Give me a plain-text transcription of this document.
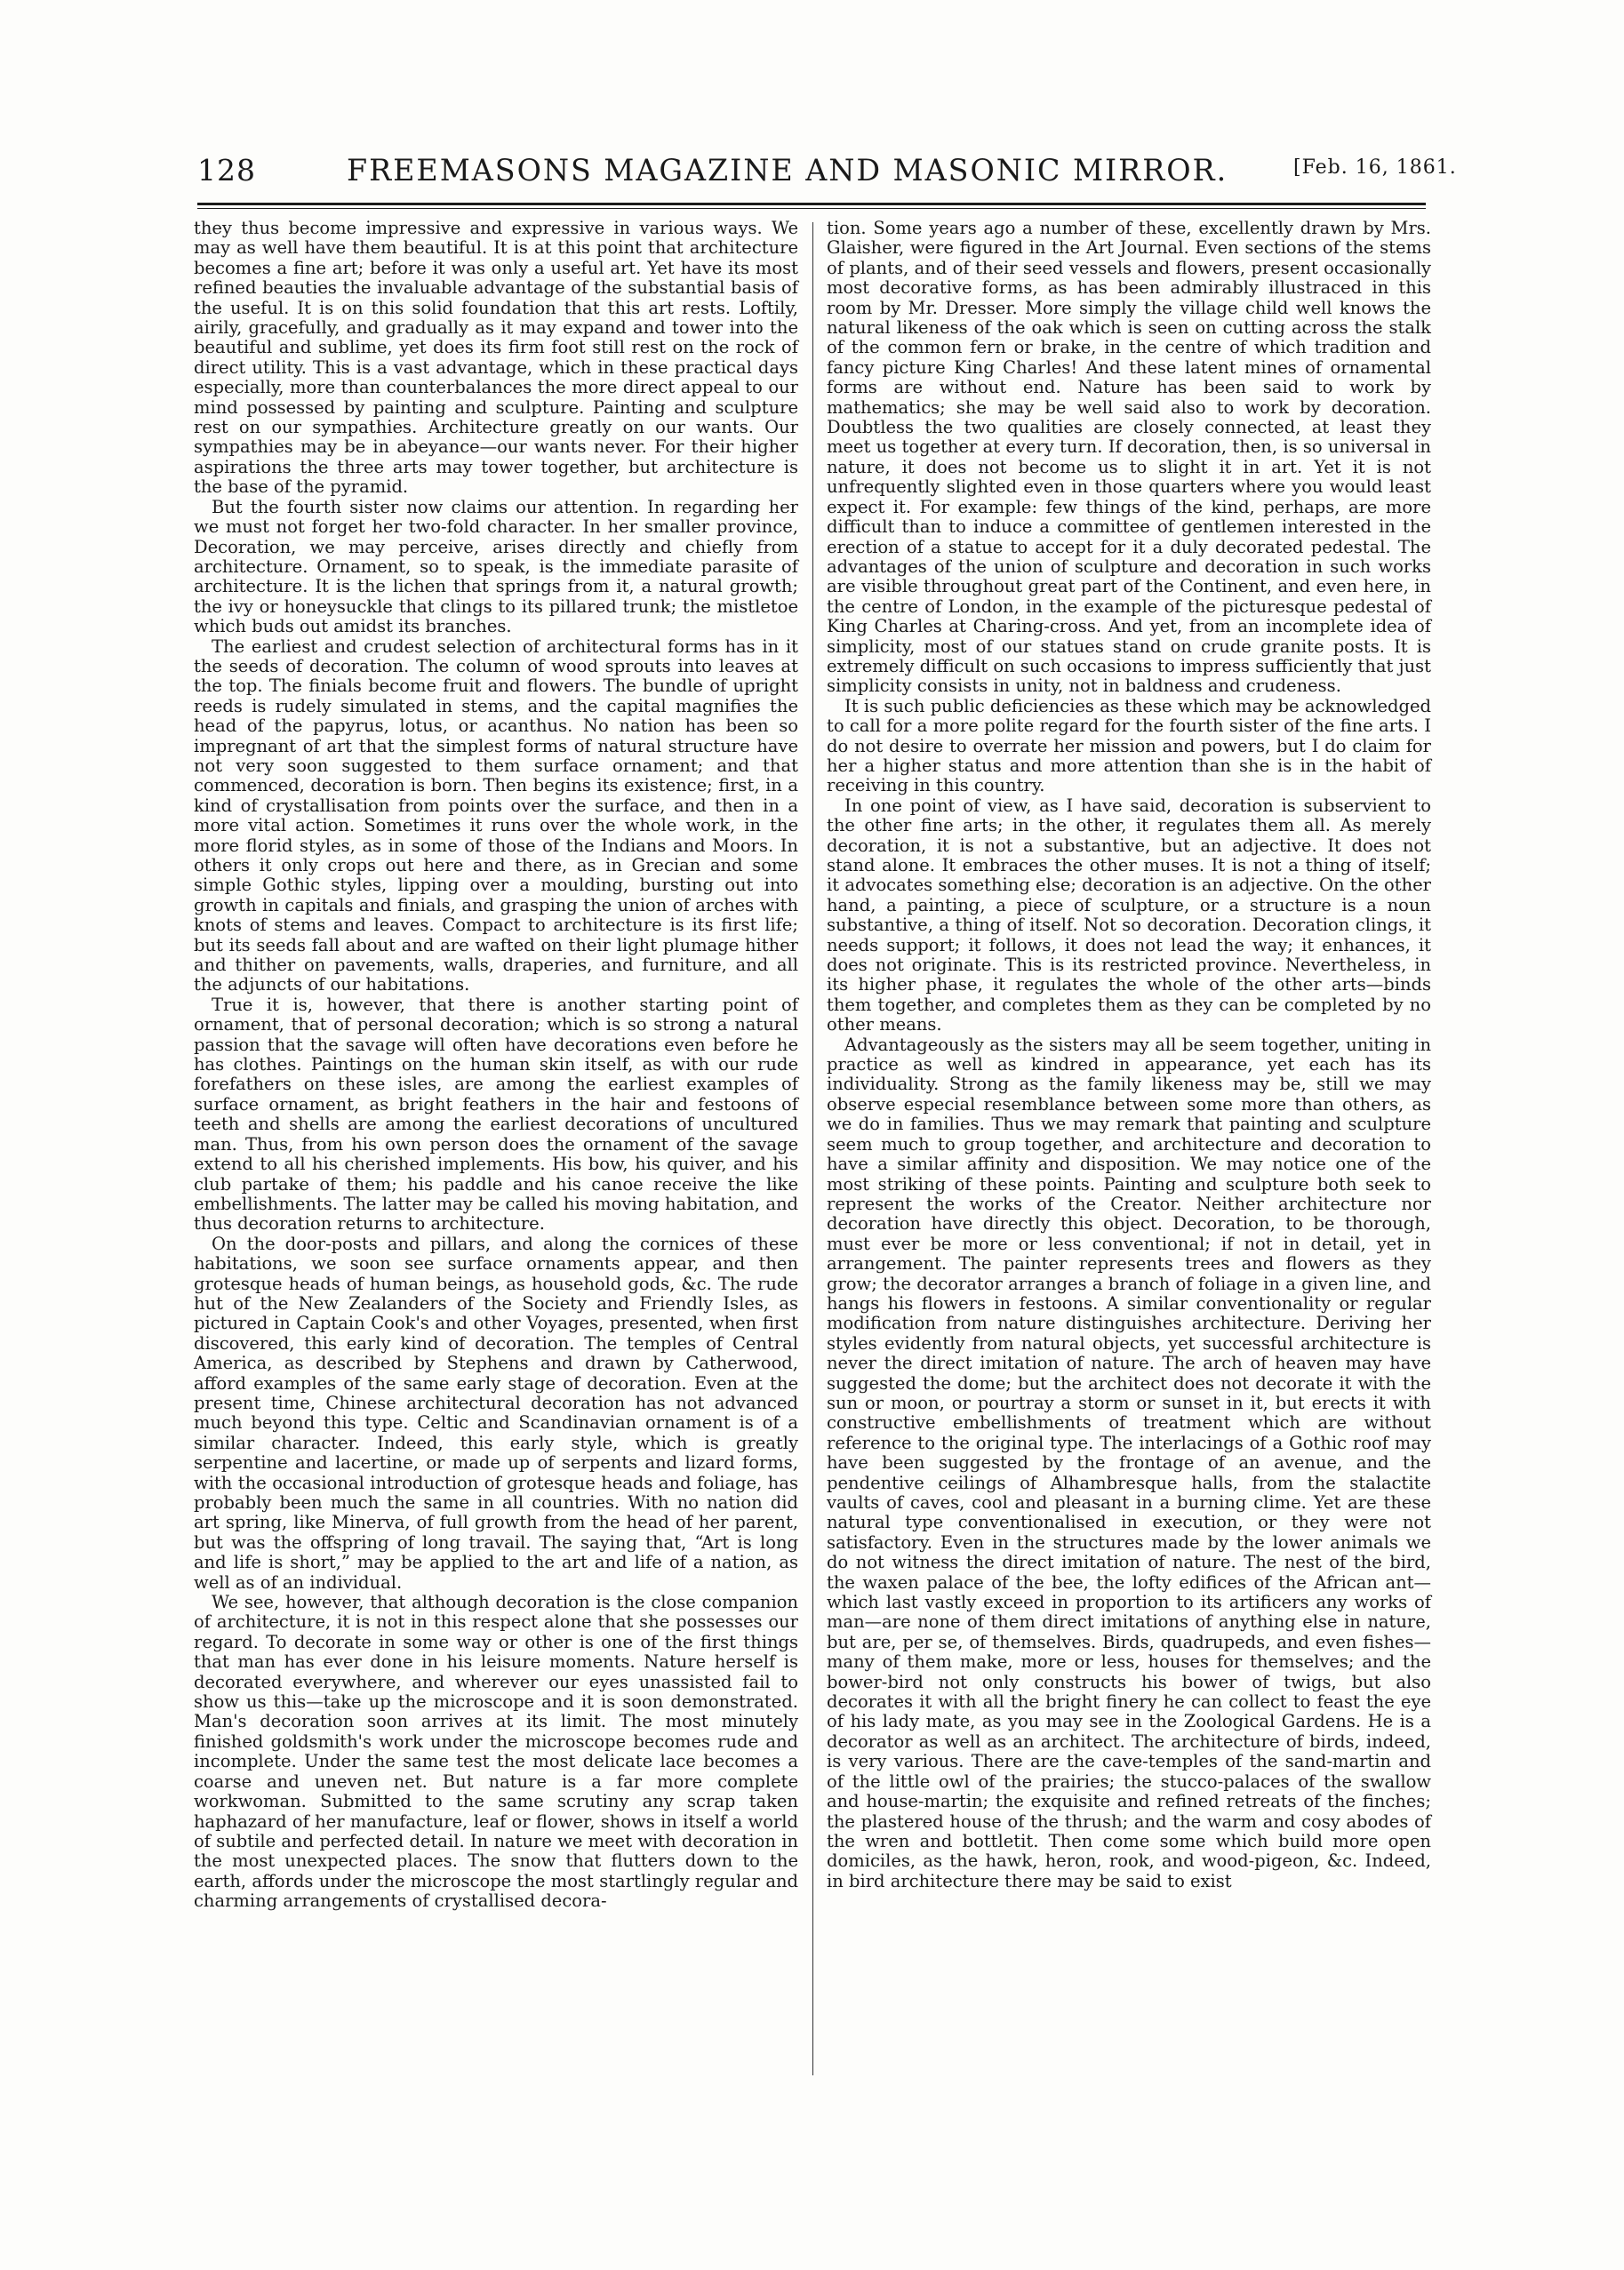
128	FREEMASONS MAGAZINE AND MASONIC MIRROR.	[Feb. 16, 1861.

they thus become impressive and expressive in various ways. We may as well have them beautiful. It is at this point that architecture becomes a fine art; before it was only a useful art. Yet have its most refined beauties the invaluable advantage of the substantial basis of the useful. It is on this solid foundation that this art rests. Loftily, airily, gracefully, and gradually as it may expand and tower into the beautiful and sublime, yet does its firm foot still rest on the rock of direct utility. This is a vast advantage, which in these practical days especially, more than counterbalances the more direct appeal to our mind possessed by painting and sculpture. Painting and sculpture rest on our sympathies. Architecture greatly on our wants. Our sympathies may be in abeyance—our wants never. For their higher aspirations the three arts may tower together, but architecture is the base of the pyramid.

But the fourth sister now claims our attention. In regarding her we must not forget her two-fold character. In her smaller province, Decoration, we may perceive, arises directly and chiefly from architecture. Ornament, so to speak, is the immediate parasite of architecture. It is the lichen that springs from it, a natural growth; the ivy or honeysuckle that clings to its pillared trunk; the mistletoe which buds out amidst its branches.

The earliest and crudest selection of architectural forms has in it the seeds of decoration. The column of wood sprouts into leaves at the top. The finials become fruit and flowers. The bundle of upright reeds is rudely simulated in stems, and the capital magnifies the head of the papyrus, lotus, or acanthus. No nation has been so impregnant of art that the simplest forms of natural structure have not very soon suggested to them surface ornament; and that commenced, decoration is born. Then begins its existence; first, in a kind of crystallisation from points over the surface, and then in a more vital action. Sometimes it runs over the whole work, in the more florid styles, as in some of those of the Indians and Moors. In others it only crops out here and there, as in Grecian and some simple Gothic styles, lipping over a moulding, bursting out into growth in capitals and finials, and grasping the union of arches with knots of stems and leaves. Compact to architecture is its first life; but its seeds fall about and are wafted on their light plumage hither and thither on pavements, walls, draperies, and furniture, and all the adjuncts of our habitations.

True it is, however, that there is another starting point of ornament, that of personal decoration; which is so strong a natural passion that the savage will often have decorations even before he has clothes. Paintings on the human skin itself, as with our rude forefathers on these isles, are among the earliest examples of surface ornament, as bright feathers in the hair and festoons of teeth and shells are among the earliest decorations of uncultured man. Thus, from his own person does the ornament of the savage extend to all his cherished implements. His bow, his quiver, and his club partake of them; his paddle and his canoe receive the like embellishments. The latter may be called his moving habitation, and thus decoration returns to architecture.

On the door-posts and pillars, and along the cornices of these habitations, we soon see surface ornaments appear, and then grotesque heads of human beings, as household gods, &c. The rude hut of the New Zealanders of the Society and Friendly Isles, as pictured in Captain Cook's and other Voyages, presented, when first discovered, this early kind of decoration. The temples of Central America, as described by Stephens and drawn by Catherwood, afford examples of the same early stage of decoration. Even at the present time, Chinese architectural decoration has not advanced much beyond this type. Celtic and Scandinavian ornament is of a similar character. Indeed, this early style, which is greatly serpentine and lacertine, or made up of serpents and lizard forms, with the occasional introduction of grotesque heads and foliage, has probably been much the same in all countries. With no nation did art spring, like Minerva, of full growth from the head of her parent, but was the offspring of long travail. The saying that, “Art is long and life is short,” may be applied to the art and life of a nation, as well as of an individual.

We see, however, that although decoration is the close companion of architecture, it is not in this respect alone that she possesses our regard. To decorate in some way or other is one of the first things that man has ever done in his leisure moments. Nature herself is decorated everywhere, and wherever our eyes unassisted fail to show us this—take up the microscope and it is soon demonstrated. Man's decoration soon arrives at its limit. The most minutely finished goldsmith's work under the microscope becomes rude and incomplete. Under the same test the most delicate lace becomes a coarse and uneven net. But nature is a far more complete workwoman. Submitted to the same scrutiny any scrap taken haphazard of her manufacture, leaf or flower, shows in itself a world of subtile and perfected detail. In nature we meet with decoration in the most unexpected places. The snow that flutters down to the earth, affords under the microscope the most startlingly regular and charming arrangements of crystallised decora-

tion. Some years ago a number of these, excellently drawn by Mrs. Glaisher, were figured in the Art Journal. Even sections of the stems of plants, and of their seed vessels and flowers, present occasionally most decorative forms, as has been admirably illustraced in this room by Mr. Dresser. More simply the village child well knows the natural likeness of the oak which is seen on cutting across the stalk of the common fern or brake, in the centre of which tradition and fancy picture King Charles! And these latent mines of ornamental forms are without end. Nature has been said to work by mathematics; she may be well said also to work by decoration. Doubtless the two qualities are closely connected, at least they meet us together at every turn. If decoration, then, is so universal in nature, it does not become us to slight it in art. Yet it is not unfrequently slighted even in those quarters where you would least expect it. For example: few things of the kind, perhaps, are more difficult than to induce a committee of gentlemen interested in the erection of a statue to accept for it a duly decorated pedestal. The advantages of the union of sculpture and decoration in such works are visible throughout great part of the Continent, and even here, in the centre of London, in the example of the picturesque pedestal of King Charles at Charing-cross. And yet, from an incomplete idea of simplicity, most of our statues stand on crude granite posts. It is extremely difficult on such occasions to impress sufficiently that just simplicity consists in unity, not in baldness and crudeness.

It is such public deficiencies as these which may be acknowledged to call for a more polite regard for the fourth sister of the fine arts. I do not desire to overrate her mission and powers, but I do claim for her a higher status and more attention than she is in the habit of receiving in this country.

In one point of view, as I have said, decoration is subservient to the other fine arts; in the other, it regulates them all. As merely decoration, it is not a substantive, but an adjective. It does not stand alone. It embraces the other muses. It is not a thing of itself; it advocates something else; decoration is an adjective. On the other hand, a painting, a piece of sculpture, or a structure is a noun substantive, a thing of itself. Not so decoration. Decoration clings, it needs support; it follows, it does not lead the way; it enhances, it does not originate. This is its restricted province. Nevertheless, in its higher phase, it regulates the whole of the other arts—binds them together, and completes them as they can be completed by no other means.

Advantageously as the sisters may all be seem together, uniting in practice as well as kindred in appearance, yet each has its individuality. Strong as the family likeness may be, still we may observe especial resemblance between some more than others, as we do in families. Thus we may remark that painting and sculpture seem much to group together, and architecture and decoration to have a similar affinity and disposition. We may notice one of the most striking of these points. Painting and sculpture both seek to represent the works of the Creator. Neither architecture nor decoration have directly this object. Decoration, to be thorough, must ever be more or less conventional; if not in detail, yet in arrangement. The painter represents trees and flowers as they grow; the decorator arranges a branch of foliage in a given line, and hangs his flowers in festoons. A similar conventionality or regular modification from nature distinguishes architecture. Deriving her styles evidently from natural objects, yet successful architecture is never the direct imitation of nature. The arch of heaven may have suggested the dome; but the architect does not decorate it with the sun or moon, or pourtray a storm or sunset in it, but erects it with constructive embellishments of treatment which are without reference to the original type. The interlacings of a Gothic roof may have been suggested by the frontage of an avenue, and the pendentive ceilings of Alhambresque halls, from the stalactite vaults of caves, cool and pleasant in a burning clime. Yet are these natural type conventionalised in execution, or they were not satisfactory. Even in the structures made by the lower animals we do not witness the direct imitation of nature. The nest of the bird, the waxen palace of the bee, the lofty edifices of the African ant—which last vastly exceed in proportion to its artificers any works of man—are none of them direct imitations of anything else in nature, but are, per se, of themselves. Birds, quadrupeds, and even fishes—many of them make, more or less, houses for themselves; and the bower-bird not only constructs his bower of twigs, but also decorates it with all the bright finery he can collect to feast the eye of his lady mate, as you may see in the Zoological Gardens. He is a decorator as well as an architect. The architecture of birds, indeed, is very various. There are the cave-temples of the sand-martin and of the little owl of the prairies; the stucco-palaces of the swallow and house-martin; the exquisite and refined retreats of the finches; the plastered house of the thrush; and the warm and cosy abodes of the wren and bottletit. Then come some which build more open domiciles, as the hawk, heron, rook, and wood-pigeon, &c. Indeed, in bird architecture there may be said to exist
